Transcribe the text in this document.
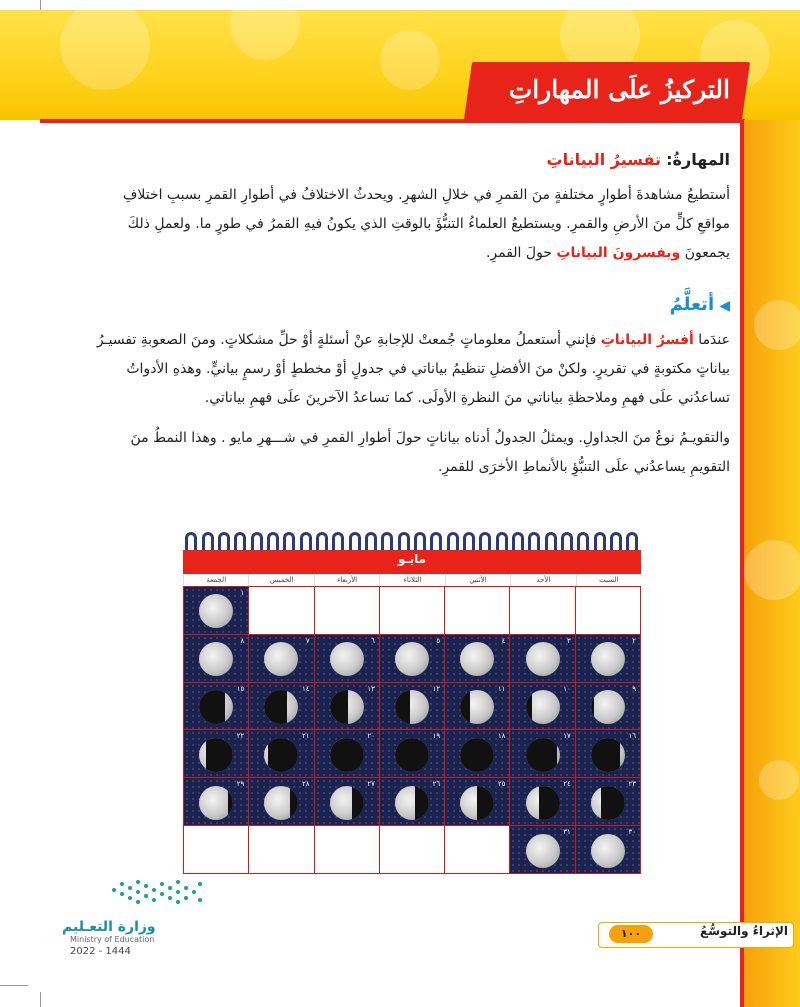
التركيزُ علَى المهاراتِ
المهارةُ: تفسيرُ البياناتِ
أستطيعُ مشاهدةَ أطوارٍ مختلفةٍ منَ القمرِ في خلالِ الشهرِ. ويحدثُ الاختلافُ في أطوارِ القمرِ بسببِ اختلافِ مواقعِ كلٍّ منَ الأرضِ والقمرِ. ويستطيعُ العلماءُ التنبُّؤَ بالوقتِ الذي يكونُ فيهِ القمرُ في طورٍ ما. ولعملِ ذلكَ يجمعونَ ويفسرونَ البياناتِ حولَ القمرِ.
◀ أتعلَّمُ
عندَما أفسرُ البياناتِ فإنني أستعملُ معلوماتٍ جُمعتْ للإجابةِ عنْ أسئلةٍ أوْ حلِّ مشكلاتٍ. ومنَ الصعوبةِ تفسيـرُ بياناتٍ مكتوبةٍ في تقريرٍ. ولكنْ منَ الأفضلِ تنظيمُ بياناتي في جدولٍ أوْ مخططٍ أوْ رسمٍ بيانيٍّ. وهذهِ الأدواتُ تساعدُني علَى فهمِ وملاحظةِ بياناتي منَ النظرةِ الأولَى. كما تساعدُ الآخرينَ علَى فهمِ بياناتي.
والتقويـمُ نوعٌ منَ الجداولِ. ويمثلُ الجدولُ أدناه بياناتٍ حولَ أطوارِ القمرِ في شـــهرِ مايو . وهذا النمطُ منَ التقويمِ يساعدُني علَى التنبُّؤِ بالأنماطِ الأخرَى للقمرِ.
مايـو
السبت
الأحد
الأثنين
الثلاثاء
الأربعاء
الخميس
الجمعة
١
٢
٣
٤
٥
٦
٧
٨
٩
١٠
١١
١٢
١٣
١٤
١٥
١٦
١٧
١٨
١٩
٢٠
٢١
٢٢
٢٣
٢٤
٢٥
٢٦
٢٧
٢٨
٢٩
٣٠
٣١
وزارة التعـليم
Ministry of Education
2022 - 1444
الإثراءُ والتوسُّعُ
١٠٠
